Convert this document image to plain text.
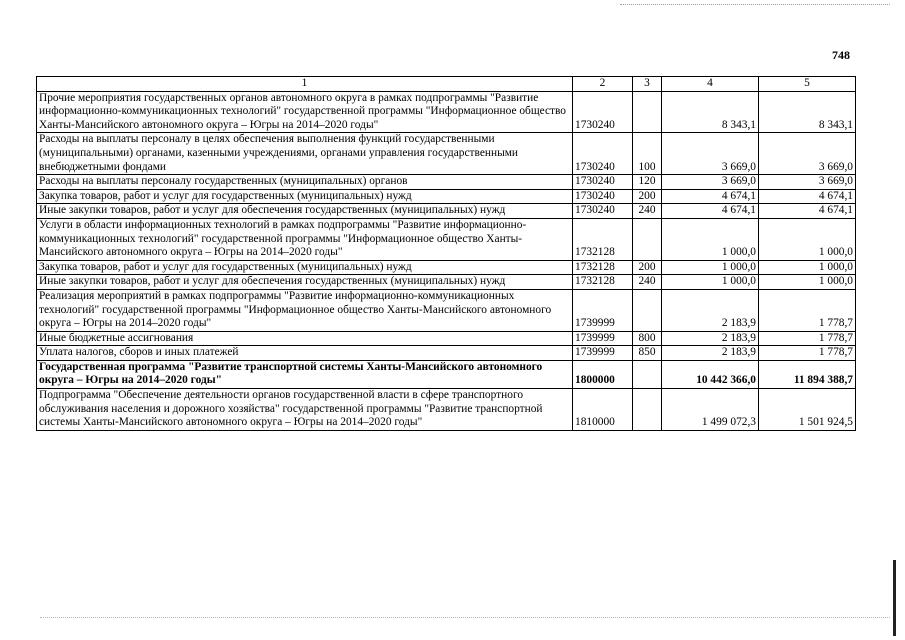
748
1	2	3	4	5
Прочие мероприятия государственных органов автономного округа в рамках подпрограммы "Развитие информационно-коммуникационных технологий" государственной программы "Информационное общество Ханты-Мансийского автономного округа – Югры на 2014–2020 годы"	1730240		8 343,1	8 343,1
Расходы на выплаты персоналу в целях обеспечения выполнения функций государственными (муниципальными) органами, казенными учреждениями, органами управления государственными внебюджетными фондами	1730240	100	3 669,0	3 669,0
Расходы на выплаты персоналу государственных (муниципальных) органов	1730240	120	3 669,0	3 669,0
Закупка товаров, работ и услуг для государственных (муниципальных) нужд	1730240	200	4 674,1	4 674,1
Иные закупки товаров, работ и услуг для обеспечения государственных (муниципальных) нужд	1730240	240	4 674,1	4 674,1
Услуги в области информационных технологий в рамках подпрограммы "Развитие информационно-коммуникационных технологий" государственной программы "Информационное общество Ханты-Мансийского автономного округа – Югры на 2014–2020 годы"	1732128		1 000,0	1 000,0
Закупка товаров, работ и услуг для государственных (муниципальных) нужд	1732128	200	1 000,0	1 000,0
Иные закупки товаров, работ и услуг для обеспечения государственных (муниципальных) нужд	1732128	240	1 000,0	1 000,0
Реализация мероприятий в рамках подпрограммы "Развитие информационно-коммуникационных технологий" государственной программы "Информационное общество Ханты-Мансийского автономного округа – Югры на 2014–2020 годы"	1739999		2 183,9	1 778,7
Иные бюджетные ассигнования	1739999	800	2 183,9	1 778,7
Уплата налогов, сборов и иных платежей	1739999	850	2 183,9	1 778,7
Государственная программа "Развитие транспортной системы Ханты-Мансийского автономного округа – Югры на 2014–2020 годы"	1800000		10 442 366,0	11 894 388,7
Подпрограмма "Обеспечение деятельности органов государственной власти в сфере транспортного обслуживания населения и дорожного хозяйства" государственной программы "Развитие транспортной системы Ханты-Мансийского автономного округа – Югры на 2014–2020 годы"	1810000		1 499 072,3	1 501 924,5
